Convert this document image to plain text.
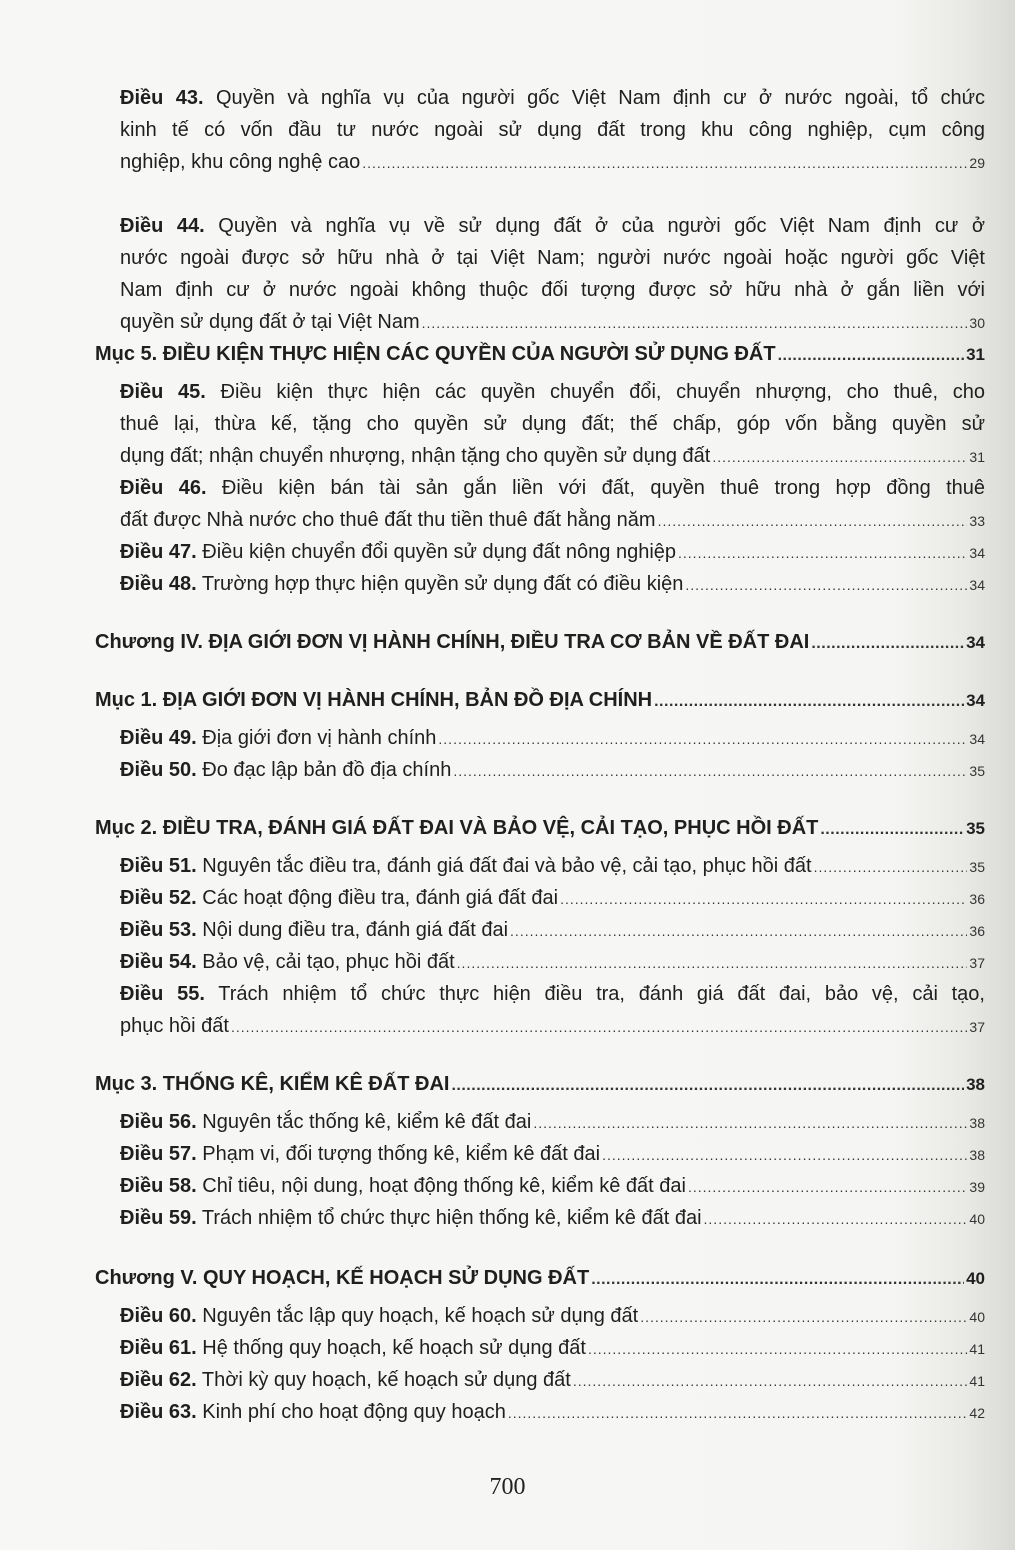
Điều 43. Quyền và nghĩa vụ của người gốc Việt Nam định cư ở nước ngoài, tổ chức
kinh tế có vốn đầu tư nước ngoài sử dụng đất trong khu công nghiệp, cụm công
nghiệp, khu công nghệ cao .....	29
Điều 44. Quyền và nghĩa vụ về sử dụng đất ở của người gốc Việt Nam định cư ở
nước ngoài được sở hữu nhà ở tại Việt Nam; người nước ngoài hoặc người gốc Việt
Nam định cư ở nước ngoài không thuộc đối tượng được sở hữu nhà ở gắn liền với
quyền sử dụng đất ở tại Việt Nam .....	30
Mục 5. ĐIỀU KIỆN THỰC HIỆN CÁC QUYỀN CỦA NGƯỜI SỬ DỤNG ĐẤT .....	31
Điều 45. Điều kiện thực hiện các quyền chuyển đổi, chuyển nhượng, cho thuê, cho
thuê lại, thừa kế, tặng cho quyền sử dụng đất; thế chấp, góp vốn bằng quyền sử
dụng đất; nhận chuyển nhượng, nhận tặng cho quyền sử dụng đất .....	31
Điều 46. Điều kiện bán tài sản gắn liền với đất, quyền thuê trong hợp đồng thuê
đất được Nhà nước cho thuê đất thu tiền thuê đất hằng năm .....	33
Điều 47. Điều kiện chuyển đổi quyền sử dụng đất nông nghiệp .....	34
Điều 48. Trường hợp thực hiện quyền sử dụng đất có điều kiện .....	34
Chương IV. ĐỊA GIỚI ĐƠN VỊ HÀNH CHÍNH, ĐIỀU TRA CƠ BẢN VỀ ĐẤT ĐAI .....	34
Mục 1. ĐỊA GIỚI ĐƠN VỊ HÀNH CHÍNH, BẢN ĐỒ ĐỊA CHÍNH .....	34
Điều 49. Địa giới đơn vị hành chính .....	34
Điều 50. Đo đạc lập bản đồ địa chính .....	35
Mục 2. ĐIỀU TRA, ĐÁNH GIÁ ĐẤT ĐAI VÀ BẢO VỆ, CẢI TẠO, PHỤC HỒI ĐẤT .....	35
Điều 51. Nguyên tắc điều tra, đánh giá đất đai và bảo vệ, cải tạo, phục hồi đất .....	35
Điều 52. Các hoạt động điều tra, đánh giá đất đai .....	36
Điều 53. Nội dung điều tra, đánh giá đất đai .....	36
Điều 54. Bảo vệ, cải tạo, phục hồi đất .....	37
Điều 55. Trách nhiệm tổ chức thực hiện điều tra, đánh giá đất đai, bảo vệ, cải tạo,
phục hồi đất .....	37
Mục 3. THỐNG KÊ, KIỂM KÊ ĐẤT ĐAI .....	38
Điều 56. Nguyên tắc thống kê, kiểm kê đất đai .....	38
Điều 57. Phạm vi, đối tượng thống kê, kiểm kê đất đai .....	38
Điều 58. Chỉ tiêu, nội dung, hoạt động thống kê, kiểm kê đất đai .....	39
Điều 59. Trách nhiệm tổ chức thực hiện thống kê, kiểm kê đất đai .....	40
Chương V. QUY HOẠCH, KẾ HOẠCH SỬ DỤNG ĐẤT .....	40
Điều 60. Nguyên tắc lập quy hoạch, kế hoạch sử dụng đất .....	40
Điều 61. Hệ thống quy hoạch, kế hoạch sử dụng đất .....	41
Điều 62. Thời kỳ quy hoạch, kế hoạch sử dụng đất .....	41
Điều 63. Kinh phí cho hoạt động quy hoạch .....	42
700
